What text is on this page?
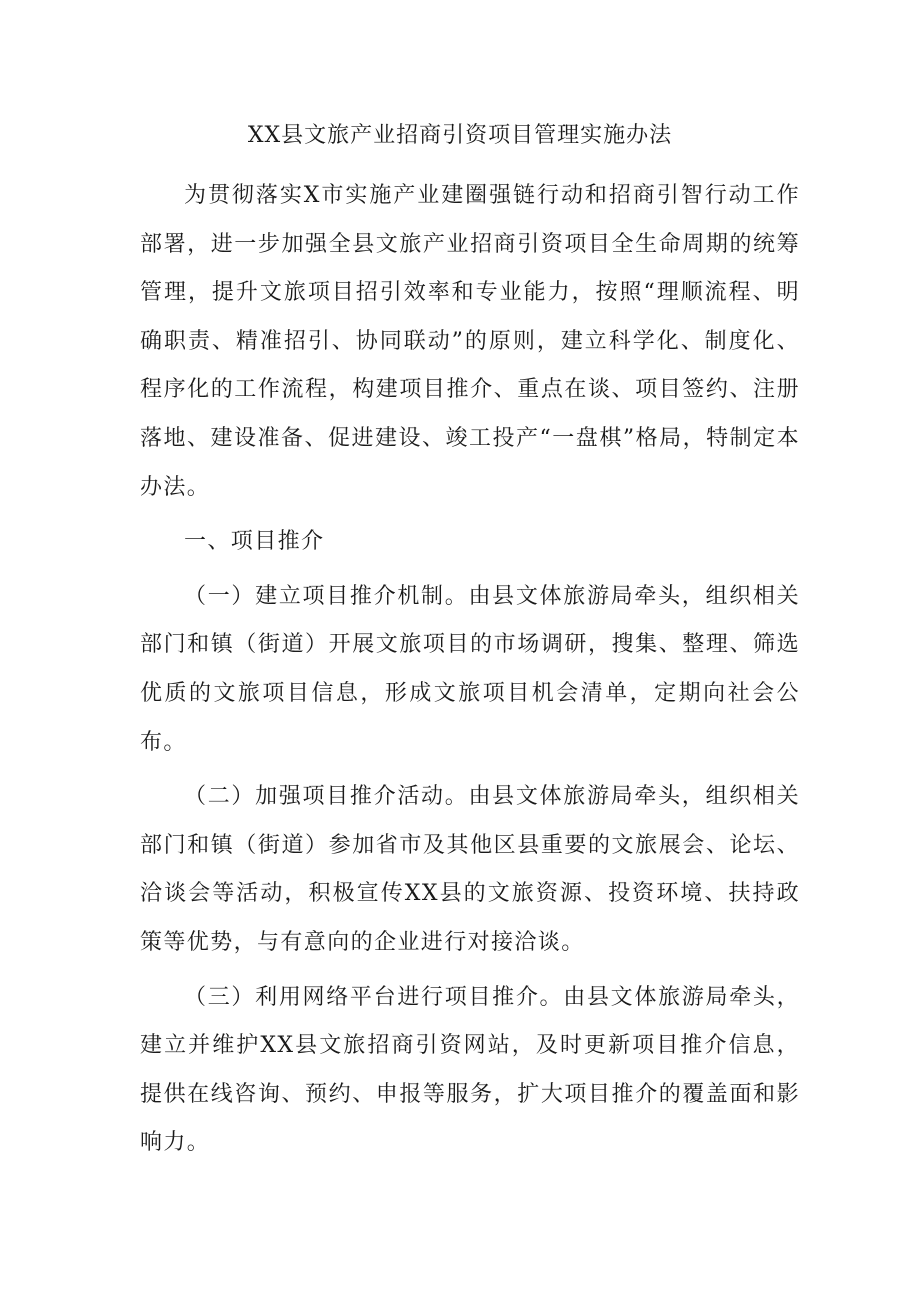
XX县文旅产业招商引资项目管理实施办法

为贯彻落实X市实施产业建圈强链行动和招商引智行动工作部署，进一步加强全县文旅产业招商引资项目全生命周期的统筹管理，提升文旅项目招引效率和专业能力，按照“理顺流程、明确职责、精准招引、协同联动”的原则，建立科学化、制度化、程序化的工作流程，构建项目推介、重点在谈、项目签约、注册落地、建设准备、促进建设、竣工投产“一盘棋”格局，特制定本办法。

一、项目推介

（一）建立项目推介机制。由县文体旅游局牵头，组织相关部门和镇（街道）开展文旅项目的市场调研，搜集、整理、筛选优质的文旅项目信息，形成文旅项目机会清单，定期向社会公布。

（二）加强项目推介活动。由县文体旅游局牵头，组织相关部门和镇（街道）参加省市及其他区县重要的文旅展会、论坛、洽谈会等活动，积极宣传XX县的文旅资源、投资环境、扶持政策等优势，与有意向的企业进行对接洽谈。

（三）利用网络平台进行项目推介。由县文体旅游局牵头，建立并维护XX县文旅招商引资网站，及时更新项目推介信息，提供在线咨询、预约、申报等服务，扩大项目推介的覆盖面和影响力。
